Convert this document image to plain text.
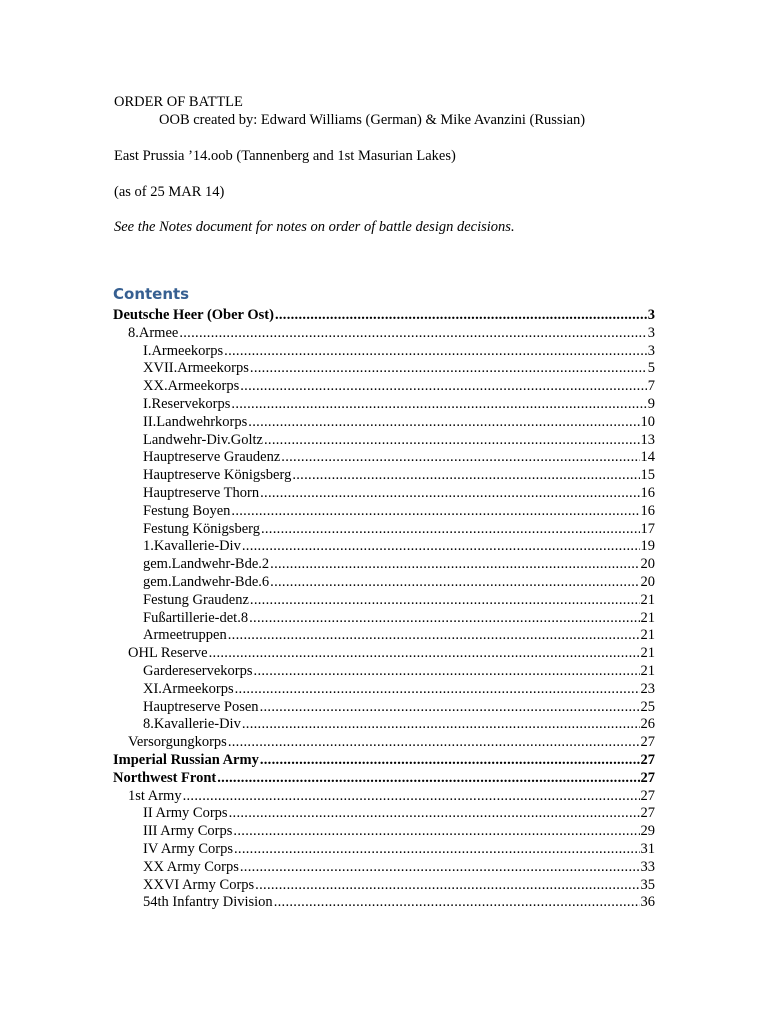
ORDER OF BATTLE
OOB created by: Edward Williams (German) & Mike Avanzini (Russian)
East Prussia ’14.oob (Tannenberg and 1st Masurian Lakes)
(as of 25 MAR 14)
See the Notes document for notes on order of battle design decisions.
Contents
Deutsche Heer (Ober Ost) .....	3
8.Armee .....	3
I.Armeekorps .....	3
XVII.Armeekorps .....	5
XX.Armeekorps .....	7
I.Reservekorps .....	9
II.Landwehrkorps .....	10
Landwehr-Div.Goltz .....	13
Hauptreserve Graudenz .....	14
Hauptreserve Königsberg .....	15
Hauptreserve Thorn .....	16
Festung Boyen .....	16
Festung Königsberg .....	17
1.Kavallerie-Div .....	19
gem.Landwehr-Bde.2 .....	20
gem.Landwehr-Bde.6 .....	20
Festung Graudenz .....	21
Fußartillerie-det.8 .....	21
Armeetruppen .....	21
OHL Reserve .....	21
Gardereservekorps .....	21
XI.Armeekorps .....	23
Hauptreserve Posen .....	25
8.Kavallerie-Div .....	26
Versorgungkorps .....	27
Imperial Russian Army .....	27
Northwest Front .....	27
1st Army .....	27
II Army Corps .....	27
III Army Corps .....	29
IV Army Corps .....	31
XX Army Corps .....	33
XXVI Army Corps .....	35
54th Infantry Division .....	36
